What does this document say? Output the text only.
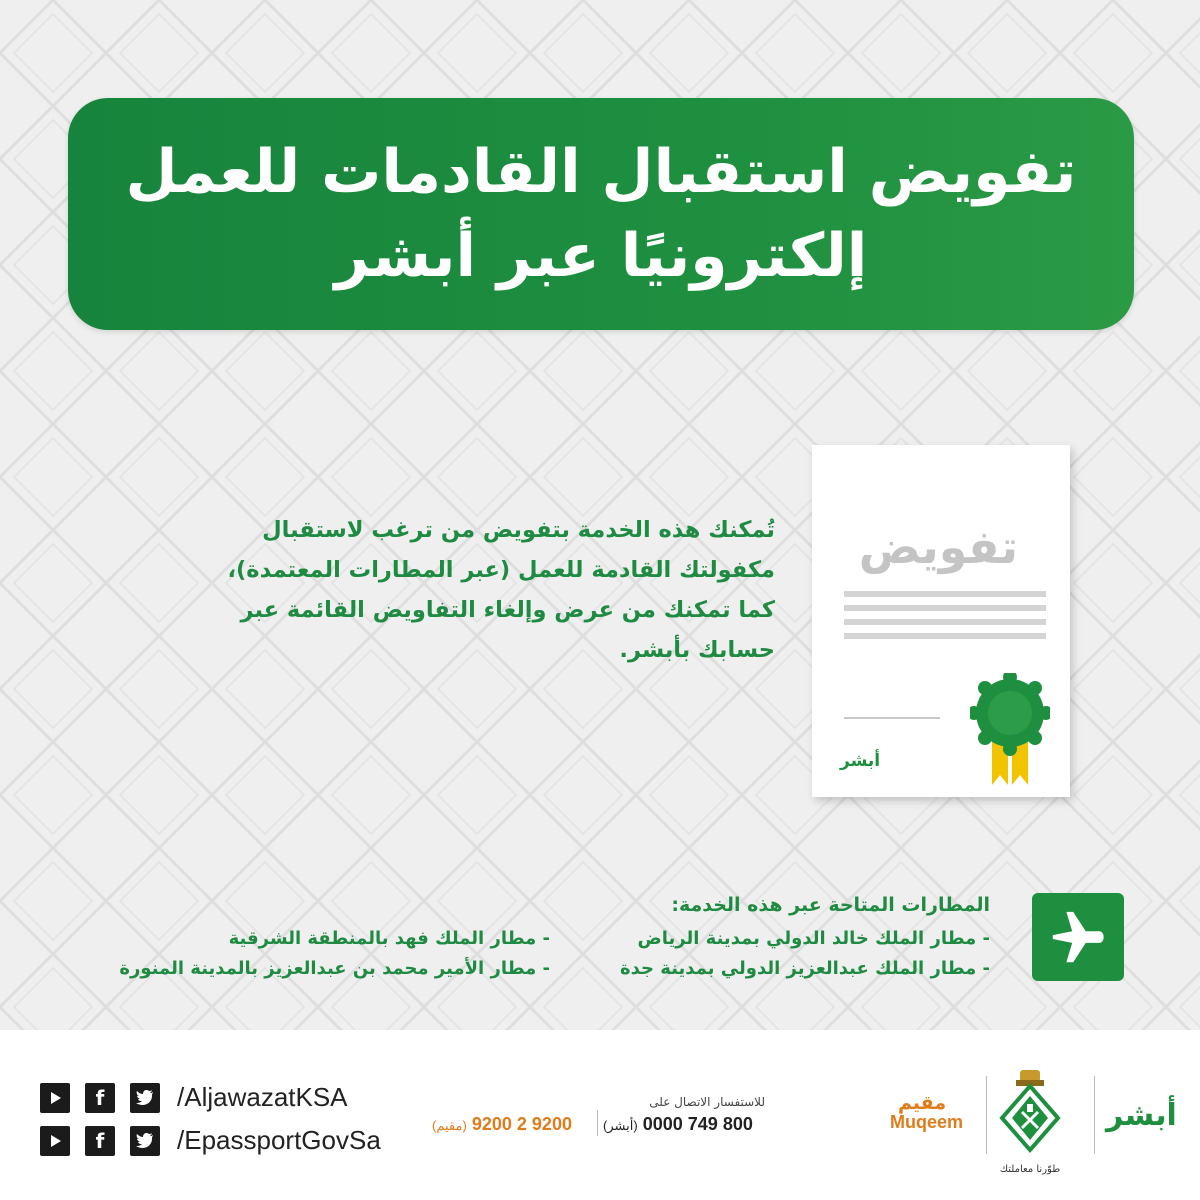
تفويض استقبال القادمات للعمل
إلكترونيًا عبر أبشر
تُمكنك هذه الخدمة بتفويض من ترغب لاستقبال
مكفولتك القادمة للعمل (عبر المطارات المعتمدة)،
كما تمكنك من عرض وإلغاء التفاويض القائمة عبر
حسابك بأبشر.
تفويض
أبشر
المطارات المتاحة عبر هذه الخدمة:
- مطار الملك خالد الدولي بمدينة الرياض
- مطار الملك عبدالعزيز الدولي بمدينة جدة
- مطار الملك فهد بالمنطقة الشرقية
- مطار الأمير محمد بن عبدالعزيز بالمدينة المنورة
f	/AljawazatKSA
f	/EpassportGovSa
للاستفسار الاتصال على
(مقيم) 9200 2 9200 (أبشر) 800 749 0000
مقيم
Muqeem
طوّرنا معاملتك
أبشر
